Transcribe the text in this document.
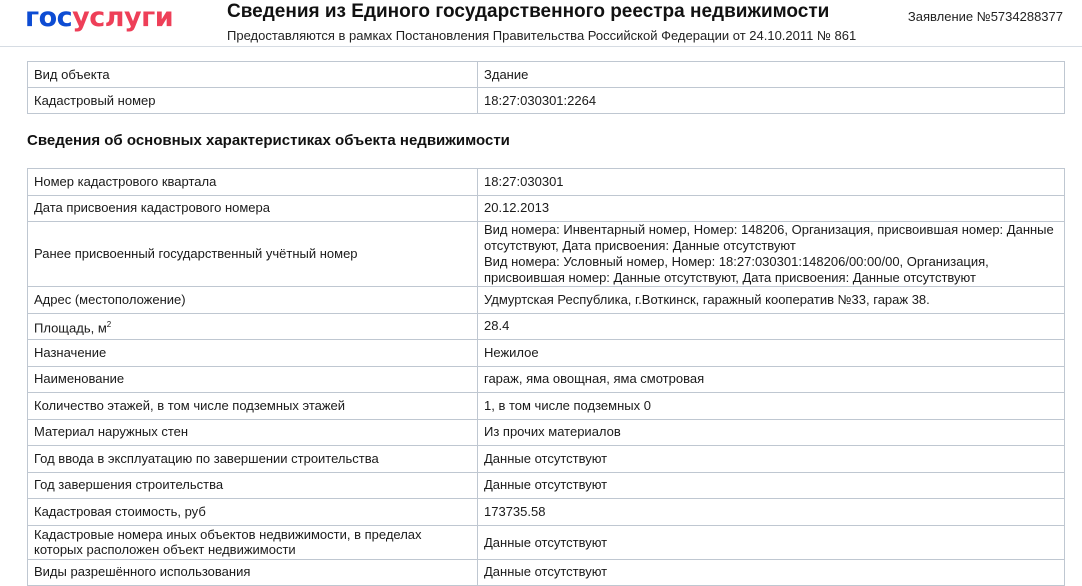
госуслуги	Сведения из Единого государственного реестра недвижимости
Предоставляются в рамках Постановления Правительства Российской Федерации от 24.10.2011 № 861
Заявление №5734288377
Вид объекта	Здание
Кадастровый номер	18:27:030301:2264
Сведения об основных характеристиках объекта недвижимости
Номер кадастрового квартала	18:27:030301
Дата присвоения кадастрового номера	20.12.2013
Ранее присвоенный государственный учётный номер	Вид номера: Инвентарный номер, Номер: 148206, Организация, присвоившая номер: Данные
отсутствуют, Дата присвоения: Данные отсутствуют
Вид номера: Условный номер, Номер: 18:27:030301:148206/00:00/00, Организация,
присвоившая номер: Данные отсутствуют, Дата присвоения: Данные отсутствуют

Адрес (местоположение)	Удмуртская Республика, г.Воткинск, гаражный кооператив №33, гараж 38.
Площадь, $м^2$	28.4
Назначение	Нежилое
Наименование	гараж, яма овощная, яма смотровая
Количество этажей, в том числе подземных этажей	1, в том числе подземных 0
Материал наружных стен	Из прочих материалов
Год ввода в эксплуатацию по завершении строительства	Данные отсутствуют
Год завершения строительства	Данные отсутствуют
Кадастровая стоимость, руб	173735.58

Кадастровые номера иных объектов недвижимости, в пределах
которых расположен объект недвижимости	Данные отсутствуют
Виды разрешённого использования	Данные отсутствуют
